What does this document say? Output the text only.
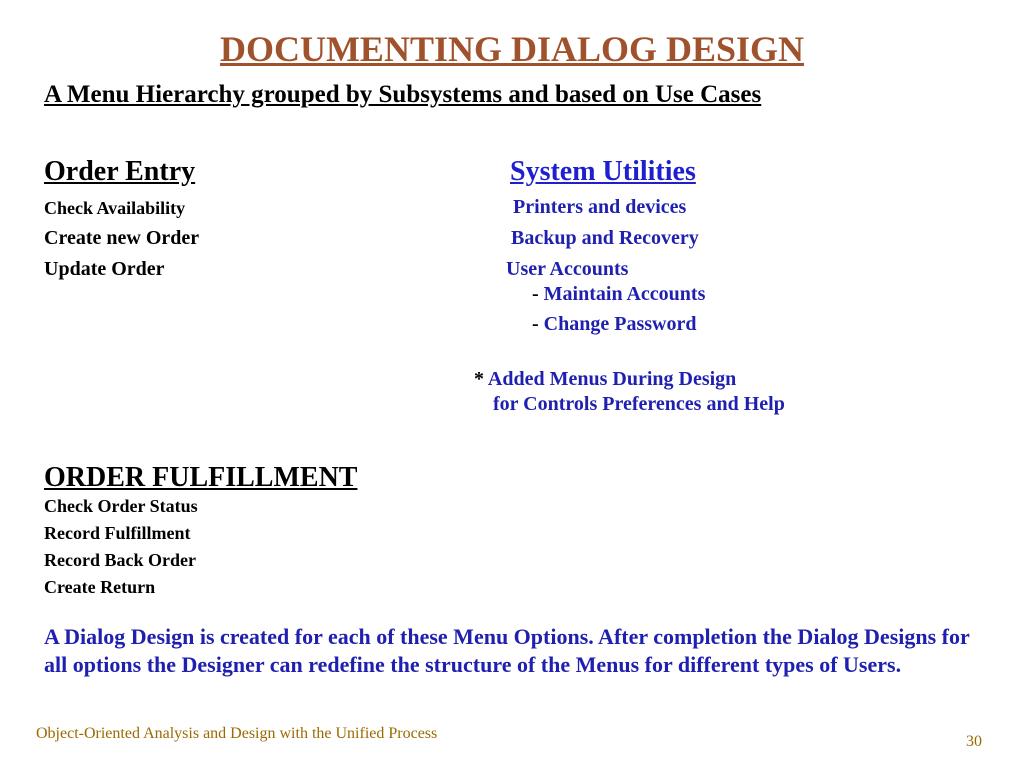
DOCUMENTING DIALOG DESIGN
A Menu Hierarchy grouped by Subsystems and based on Use Cases
Order Entry
Check Availability
Create new Order
Update Order
System Utilities
Printers and devices
Backup and Recovery
User Accounts
- Maintain Accounts
- Change Password
* Added Menus During Design
for Controls Preferences and Help
ORDER FULFILLMENT
Check Order Status
Record Fulfillment
Record Back Order
Create Return
A Dialog Design is created for each of these Menu Options. After completion the Dialog Designs for all options the Designer can redefine the structure of the Menus for different types of Users.
Object-Oriented Analysis and Design with the Unified Process	30
